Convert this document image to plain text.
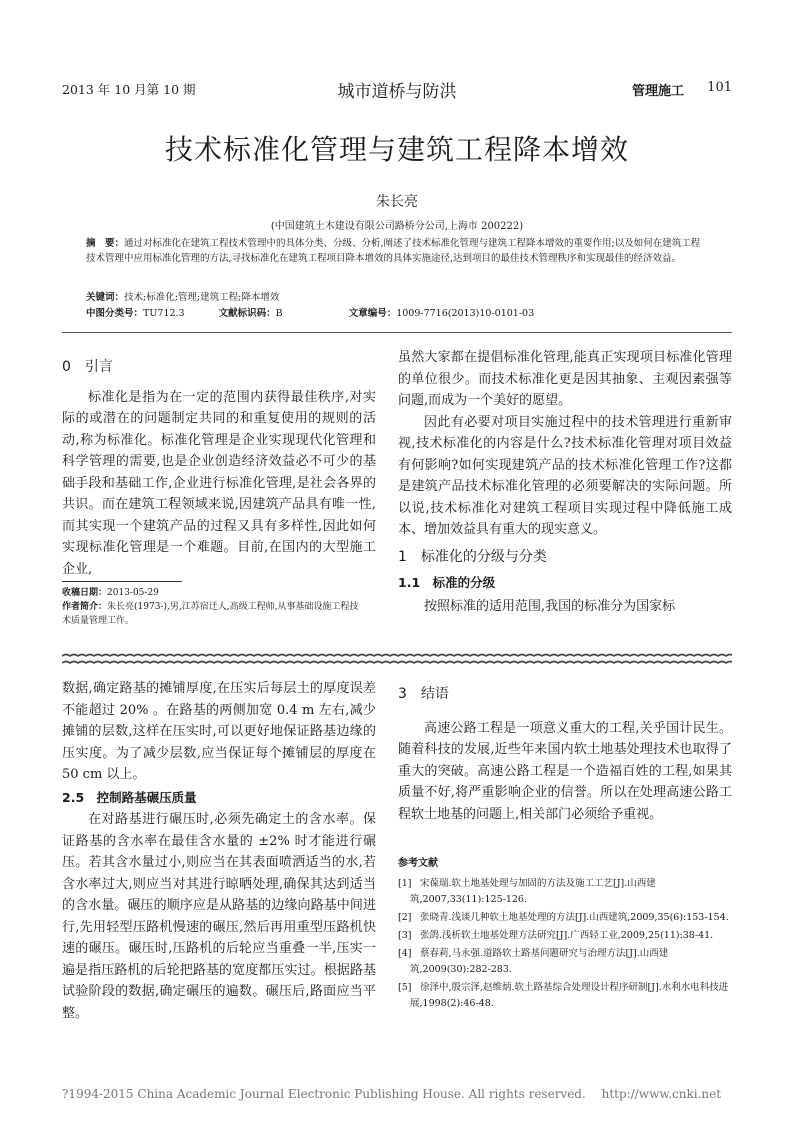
2013 年 10 月第 10 期	城市道桥与防洪	管理施工 101
技术标准化管理与建筑工程降本增效
朱长亮
(中国建筑土木建设有限公司路桥分公司,上海市 200222)
摘　要：通过对标准化在建筑工程技术管理中的具体分类、分级、分析,阐述了技术标准化管理与建筑工程降本增效的重要作用;以及如何在建筑工程技术管理中应用标准化管理的方法,寻找标准化在建筑工程项目降本增效的具体实施途径,达到项目的最佳技术管理秩序和实现最佳的经济效益。
关键词：技术;标准化;管理;建筑工程;降本增效
中图分类号：TU712.3	文献标识码：B	文章编号：1009-7716(2013)10-0101-03
0　引言

标准化是指为在一定的范围内获得最佳秩序,对实际的或潜在的问题制定共同的和重复使用的规则的活动,称为标准化。标准化管理是企业实现现代化管理和科学管理的需要,也是企业创造经济效益必不可少的基础手段和基础工作,企业进行标准化管理,是社会各界的共识。而在建筑工程领域来说,因建筑产品具有唯一性,而其实现一个建筑产品的过程又具有多样性,因此如何实现标准化管理是一个难题。目前,在国内的大型施工企业,

收稿日期：2013-05-29
作者简介：朱长亮(1973-),男,江苏宿迁人,高级工程师,从事基础设施工程技术质量管理工作。

虽然大家都在提倡标准化管理,能真正实现项目标准化管理的单位很少。而技术标准化更是因其抽象、主观因素强等问题,而成为一个美好的愿望。

因此有必要对项目实施过程中的技术管理进行重新审视,技术标准化的内容是什么?技术标准化管理对项目效益有何影响?如何实现建筑产品的技术标准化管理工作?这都是建筑产品技术标准化管理的必须要解决的实际问题。所以说,技术标准化对建筑工程项目实现过程中降低施工成本、增加效益具有重大的现实意义。

1　标准化的分级与分类
1.1　标准的分级

按照标准的适用范围,我国的标准分为国家标

数据,确定路基的摊铺厚度,在压实后每层土的厚度误差不能超过 20% 。在路基的两侧加宽 0.4 m 左右,减少摊铺的层数,这样在压实时,可以更好地保证路基边缘的压实度。为了减少层数,应当保证每个摊铺层的厚度在 50 cm 以上。

2.5　控制路基碾压质量

在对路基进行碾压时,必须先确定土的含水率。保证路基的含水率在最佳含水量的 ±2% 时才能进行碾压。若其含水量过小,则应当在其表面喷洒适当的水,若含水率过大,则应当对其进行晾晒处理,确保其达到适当的含水量。碾压的顺序应是从路基的边缘向路基中间进行,先用轻型压路机慢速的碾压,然后再用重型压路机快速的碾压。碾压时,压路机的后轮应当重叠一半,压实一遍是指压路机的后轮把路基的宽度都压实过。根据路基试验阶段的数据,确定碾压的遍数。碾压后,路面应当平整。

3　结语

高速公路工程是一项意义重大的工程,关乎国计民生。随着科技的发展,近些年来国内软土地基处理技术也取得了重大的突破。高速公路工程是一个造福百姓的工程,如果其质量不好,将严重影响企业的信誉。所以在处理高速公路工程软土地基的问题上,相关部门必须给予重视。

参考文献
[1] 宋葆瑞.软土地基处理与加固的方法及施工工艺[J].山西建筑,2007,33(11):125-126.
[2] 张晓青.浅谈几种软土地基处理的方法[J].山西建筑,2009,35(6):153-154.
[3] 张鸽.浅析软土地基处理方法研究[J].广西轻工业,2009,25(11):38-41.
[4] 蔡春莉,马永强.道路软土路基问题研究与治理方法[J].山西建筑,2009(30):282-283.
[5] 徐泽中,殷宗泽,赵维炳.软土路基综合处理设计程序研制[J].水利水电科技进展,1998(2):46-48.
?1994-2015 China Academic Journal Electronic Publishing House. All rights reserved.　 http://www.cnki.net
